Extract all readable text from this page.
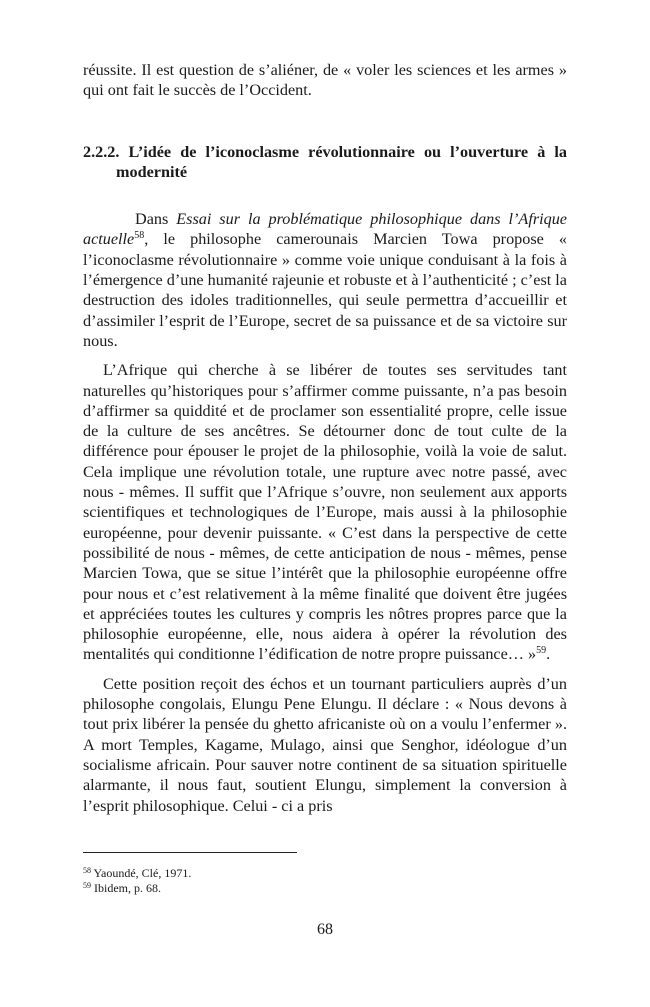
réussite. Il est question de s’aliéner, de « voler les sciences et les armes » qui ont fait le succès de l’Occident.

2.2.2. L’idée de l’iconoclasme révolutionnaire ou l’ouverture à la modernité

Dans Essai sur la problématique philosophique dans l’Afrique actuelle$^{58}$, le philosophe camerounais Marcien Towa propose « l’iconoclasme révolutionnaire » comme voie unique conduisant à la fois à l’émergence d’une humanité rajeunie et robuste et à l’authenticité ; c’est la destruction des idoles traditionnelles, qui seule permettra d’accueillir et d’assimiler l’esprit de l’Europe, secret de sa puissance et de sa victoire sur nous.

L’Afrique qui cherche à se libérer de toutes ses servitudes tant naturelles qu’historiques pour s’affirmer comme puissante, n’a pas besoin d’affirmer sa quiddité et de proclamer son essentialité propre, celle issue de la culture de ses ancêtres. Se détourner donc de tout culte de la différence pour épouser le projet de la philosophie, voilà la voie de salut. Cela implique une révolution totale, une rupture avec notre passé, avec nous - mêmes. Il suffit que l’Afrique s’ouvre, non seulement aux apports scientifiques et technologiques de l’Europe, mais aussi à la philosophie européenne, pour devenir puissante. « C’est dans la perspective de cette possibilité de nous - mêmes, de cette anticipation de nous - mêmes, pense Marcien Towa, que se situe l’intérêt que la philosophie européenne offre pour nous et c’est relativement à la même finalité que doivent être jugées et appréciées toutes les cultures y compris les nôtres propres parce que la philosophie européenne, elle, nous aidera à opérer la révolution des mentalités qui conditionne l’édification de notre propre puissance… »$^{59}$.

Cette position reçoit des échos et un tournant particuliers auprès d’un philosophe congolais, Elungu Pene Elungu. Il déclare : « Nous devons à tout prix libérer la pensée du ghetto africaniste où on a voulu l’enfermer ». A mort Temples, Kagame, Mulago, ainsi que Senghor, idéologue d’un socialisme africain. Pour sauver notre continent de sa situation spirituelle alarmante, il nous faut, soutient Elungu, simplement la conversion à l’esprit philosophique. Celui - ci a pris

$^{58}$ Yaoundé, Clé, 1971.
$^{59}$ Ibidem, p. 68.
68
